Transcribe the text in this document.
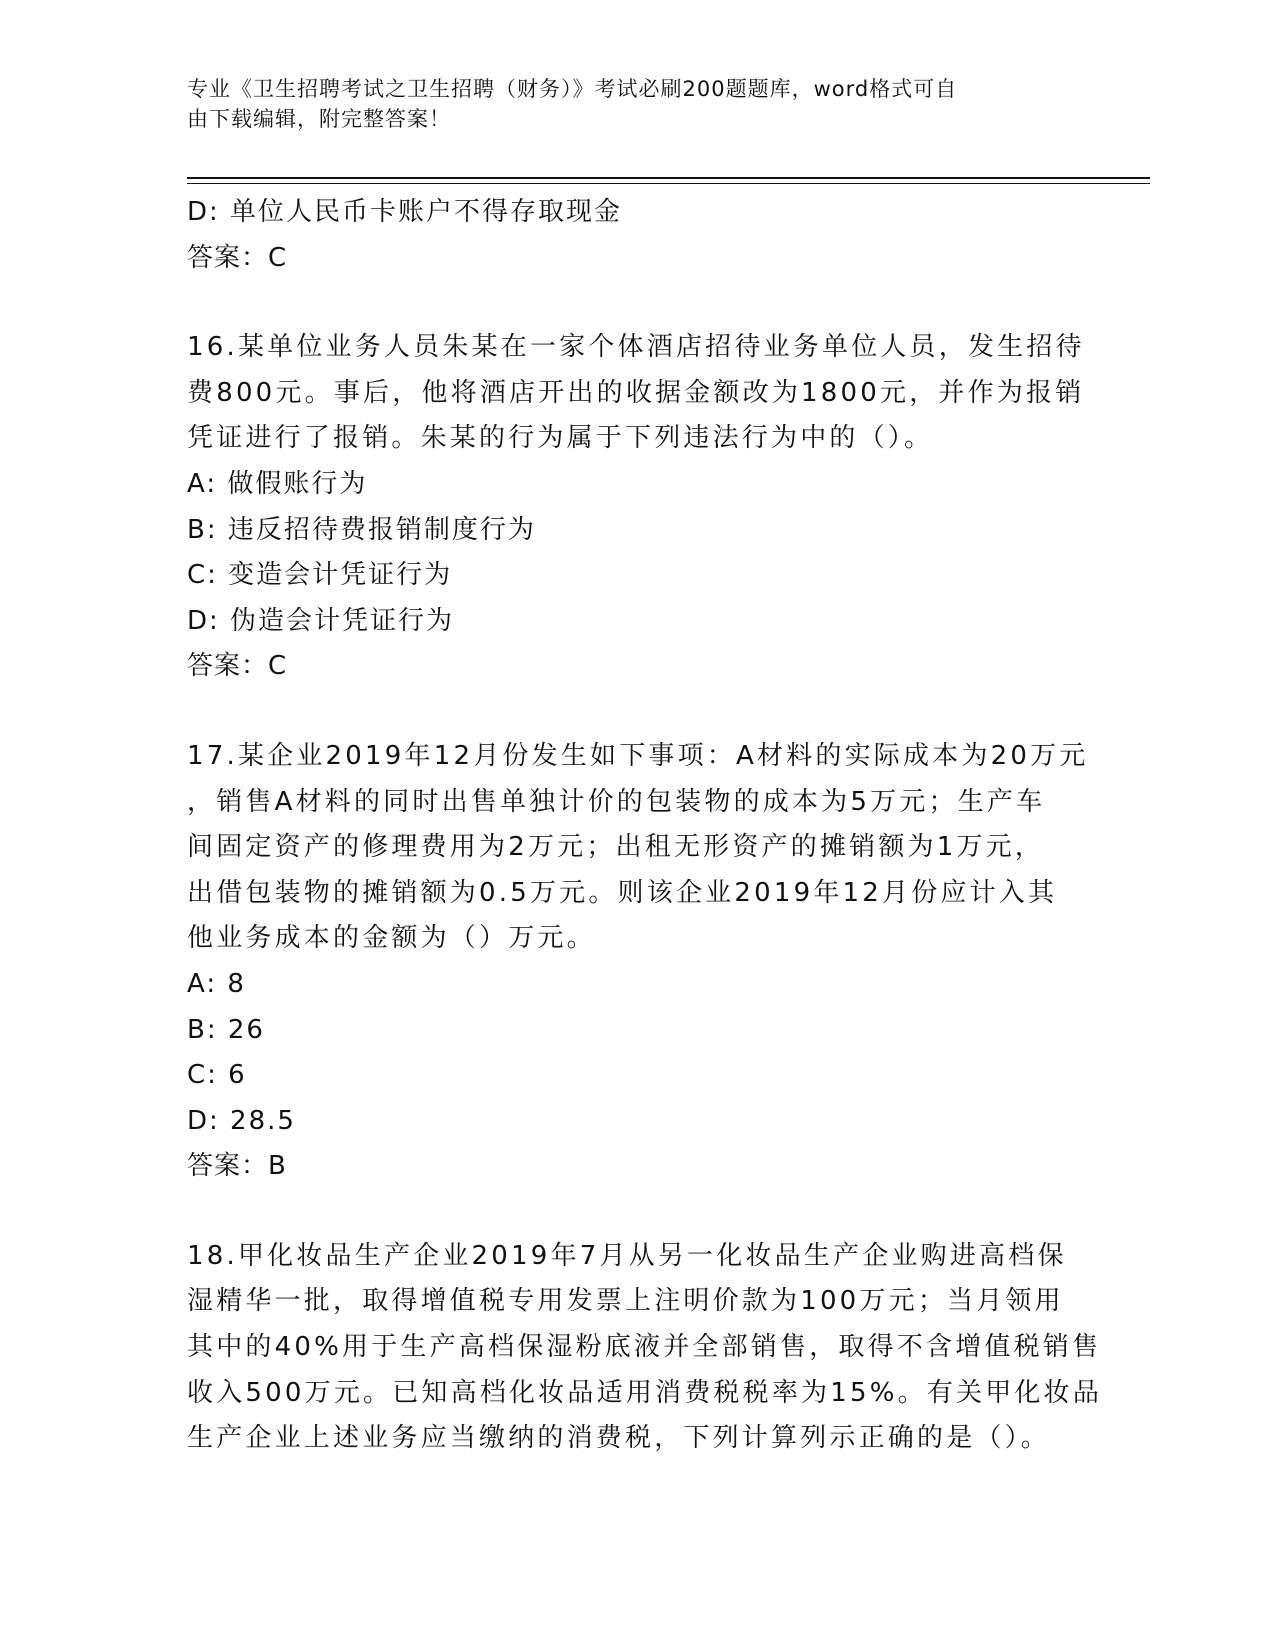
专业《卫生招聘考试之卫生招聘（财务）》考试必刷200题题库，word格式可自
由下载编辑，附完整答案！
D: 单位人民币卡账户不得存取现金
答案：C
16.某单位业务人员朱某在一家个体酒店招待业务单位人员，发生招待
费800元。事后，他将酒店开出的收据金额改为1800元，并作为报销
凭证进行了报销。朱某的行为属于下列违法行为中的（）。
A: 做假账行为
B: 违反招待费报销制度行为
C: 变造会计凭证行为
D: 伪造会计凭证行为
答案：C
17.某企业2019年12月份发生如下事项：A材料的实际成本为20万元
，销售A材料的同时出售单独计价的包装物的成本为5万元；生产车
间固定资产的修理费用为2万元；出租无形资产的摊销额为1万元，
出借包装物的摊销额为0.5万元。则该企业2019年12月份应计入其
他业务成本的金额为（）万元。
A: 8
B: 26
C: 6
D: 28.5
答案：B
18.甲化妆品生产企业2019年7月从另一化妆品生产企业购进高档保
湿精华一批，取得增值税专用发票上注明价款为100万元；当月领用
其中的40%用于生产高档保湿粉底液并全部销售，取得不含增值税销售
收入500万元。已知高档化妆品适用消费税税率为15%。有关甲化妆品
生产企业上述业务应当缴纳的消费税，下列计算列示正确的是（）。
